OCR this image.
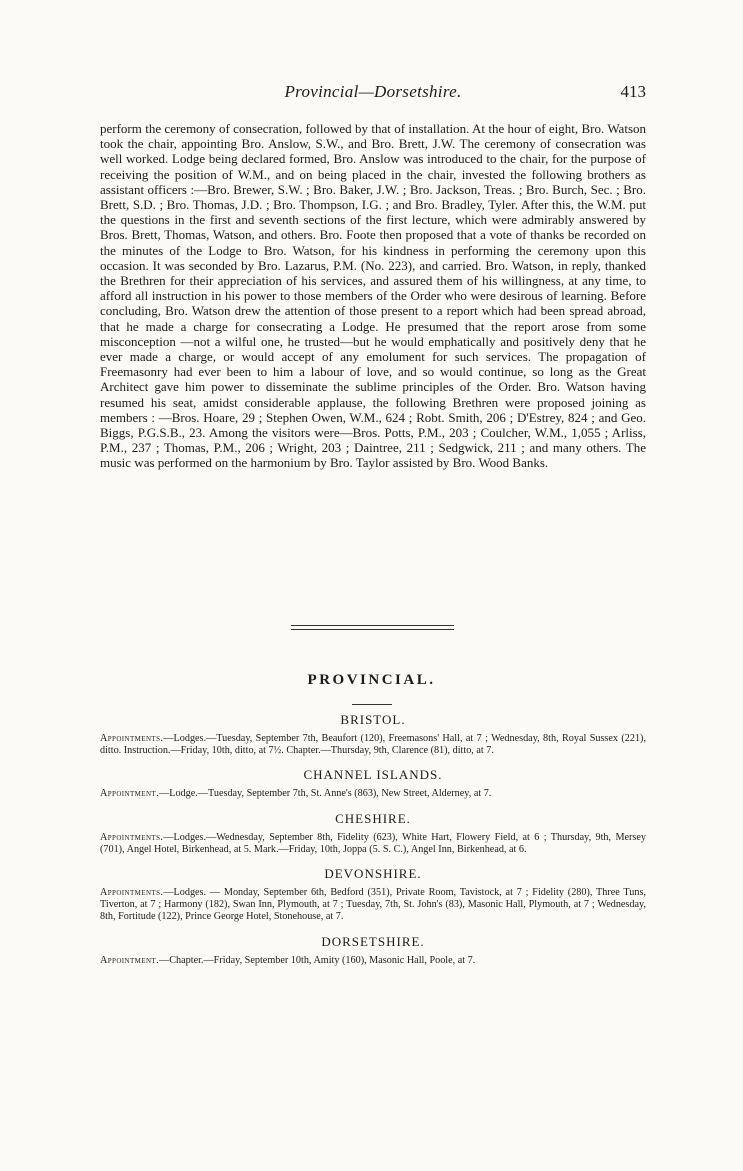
Provincial—Dorsetshire.	413
perform the ceremony of consecration, followed by that of installation. At the hour of eight, Bro. Watson took the chair, appointing Bro. Anslow, S.W., and Bro. Brett, J.W. The ceremony of consecration was well worked. Lodge being declared formed, Bro. Anslow was introduced to the chair, for the purpose of receiving the position of W.M., and on being placed in the chair, invested the following brothers as assistant officers :—Bro. Brewer, S.W. ; Bro. Baker, J.W. ; Bro. Jackson, Treas. ; Bro. Burch, Sec. ; Bro. Brett, S.D. ; Bro. Thomas, J.D. ; Bro. Thompson, I.G. ; and Bro. Bradley, Tyler. After this, the W.M. put the questions in the first and seventh sections of the first lecture, which were admirably answered by Bros. Brett, Thomas, Watson, and others. Bro. Foote then proposed that a vote of thanks be recorded on the minutes of the Lodge to Bro. Watson, for his kindness in performing the ceremony upon this occasion. It was seconded by Bro. Lazarus, P.M. (No. 223), and carried. Bro. Watson, in reply, thanked the Brethren for their appreciation of his services, and assured them of his willingness, at any time, to afford all instruction in his power to those members of the Order who were desirous of learning. Before concluding, Bro. Watson drew the attention of those present to a report which had been spread abroad, that he made a charge for consecrating a Lodge. He presumed that the report arose from some misconception —not a wilful one, he trusted—but he would emphatically and positively deny that he ever made a charge, or would accept of any emolument for such services. The propagation of Freemasonry had ever been to him a labour of love, and so would continue, so long as the Great Architect gave him power to disseminate the sublime principles of the Order. Bro. Watson having resumed his seat, amidst considerable applause, the following Brethren were proposed joining as members : —Bros. Hoare, 29 ; Stephen Owen, W.M., 624 ; Robt. Smith, 206 ; D'Estrey, 824 ; and Geo. Biggs, P.G.S.B., 23. Among the visitors were—Bros. Potts, P.M., 203 ; Coulcher, W.M., 1,055 ; Arliss, P.M., 237 ; Thomas, P.M., 206 ; Wright, 203 ; Daintree, 211 ; Sedgwick, 211 ; and many others. The music was performed on the harmonium by Bro. Taylor assisted by Bro. Wood Banks.
PROVINCIAL.
BRISTOL.

Appointments.—Lodges.—Tuesday, September 7th, Beaufort (120), Freemasons' Hall, at 7 ; Wednesday, 8th, Royal Sussex (221), ditto. Instruction.—Friday, 10th, ditto, at 7½. Chapter.—Thursday, 9th, Clarence (81), ditto, at 7.

CHANNEL ISLANDS.

Appointment.—Lodge.—Tuesday, September 7th, St. Anne's (863), New Street, Alderney, at 7.

CHESHIRE.

Appointments.—Lodges.—Wednesday, September 8th, Fidelity (623), White Hart, Flowery Field, at 6 ; Thursday, 9th, Mersey (701), Angel Hotel, Birkenhead, at 5. Mark.—Friday, 10th, Joppa (5. S. C.), Angel Inn, Birkenhead, at 6.

DEVONSHIRE.

Appointments.—Lodges. — Monday, September 6th, Bedford (351), Private Room, Tavistock, at 7 ; Fidelity (280), Three Tuns, Tiverton, at 7 ; Harmony (182), Swan Inn, Plymouth, at 7 ; Tuesday, 7th, St. John's (83), Masonic Hall, Plymouth, at 7 ; Wednesday, 8th, Fortitude (122), Prince George Hotel, Stonehouse, at 7.

DORSETSHIRE.

Appointment.—Chapter.—Friday, September 10th, Amity (160), Masonic Hall, Poole, at 7.
